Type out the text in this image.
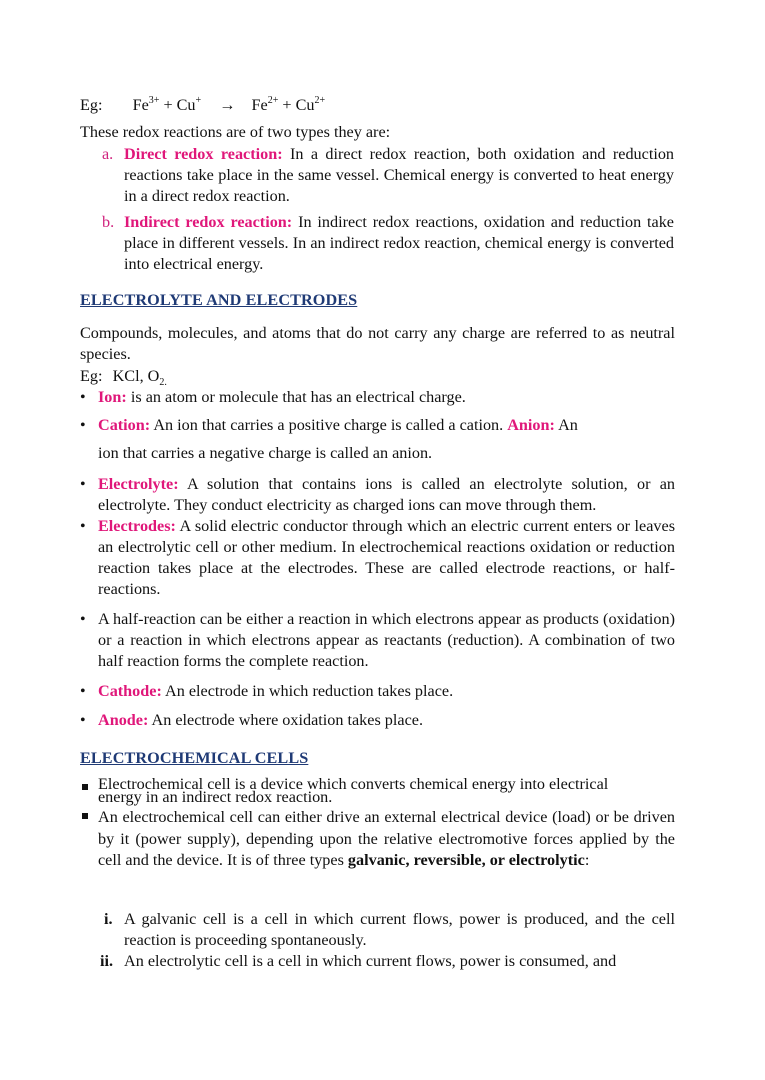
Eg: $Fe^{3+} + Cu^+ \to Fe^{2+} + Cu^{2+}$
These redox reactions are of two types they are:
a. Direct redox reaction: In a direct redox reaction, both oxidation and reduction reactions take place in the same vessel. Chemical energy is converted to heat energy in a direct redox reaction.
b. Indirect redox reaction: In indirect redox reactions, oxidation and reduction take place in different vessels. In an indirect redox reaction, chemical energy is converted into electrical energy.
ELECTROLYTE AND ELECTRODES
Compounds, molecules, and atoms that do not carry any charge are referred to as neutral species.
Eg: KCl, $O_{2.}$
• Ion: is an atom or molecule that has an electrical charge.
• Cation: An ion that carries a positive charge is called a cation. Anion: An
ion that carries a negative charge is called an anion.
• Electrolyte: A solution that contains ions is called an electrolyte solution, or an electrolyte. They conduct electricity as charged ions can move through them.
• Electrodes: A solid electric conductor through which an electric current enters or leaves an electrolytic cell or other medium. In electrochemical reactions oxidation or reduction reaction takes place at the electrodes. These are called electrode reactions, or half-reactions.
• A half-reaction can be either a reaction in which electrons appear as products (oxidation) or a reaction in which electrons appear as reactants (reduction). A combination of two half reaction forms the complete reaction.
• Cathode: An electrode in which reduction takes place.
• Anode: An electrode where oxidation takes place.
ELECTROCHEMICAL CELLS
Electrochemical cell is a device which converts chemical energy into electrical
energy in an indirect redox reaction.
An electrochemical cell can either drive an external electrical device (load) or be driven by it (power supply), depending upon the relative electromotive forces applied by the cell and the device. It is of three types galvanic, reversible, or electrolytic:
i. A galvanic cell is a cell in which current flows, power is produced, and the cell reaction is proceeding spontaneously.
ii. An electrolytic cell is a cell in which current flows, power is consumed, and
